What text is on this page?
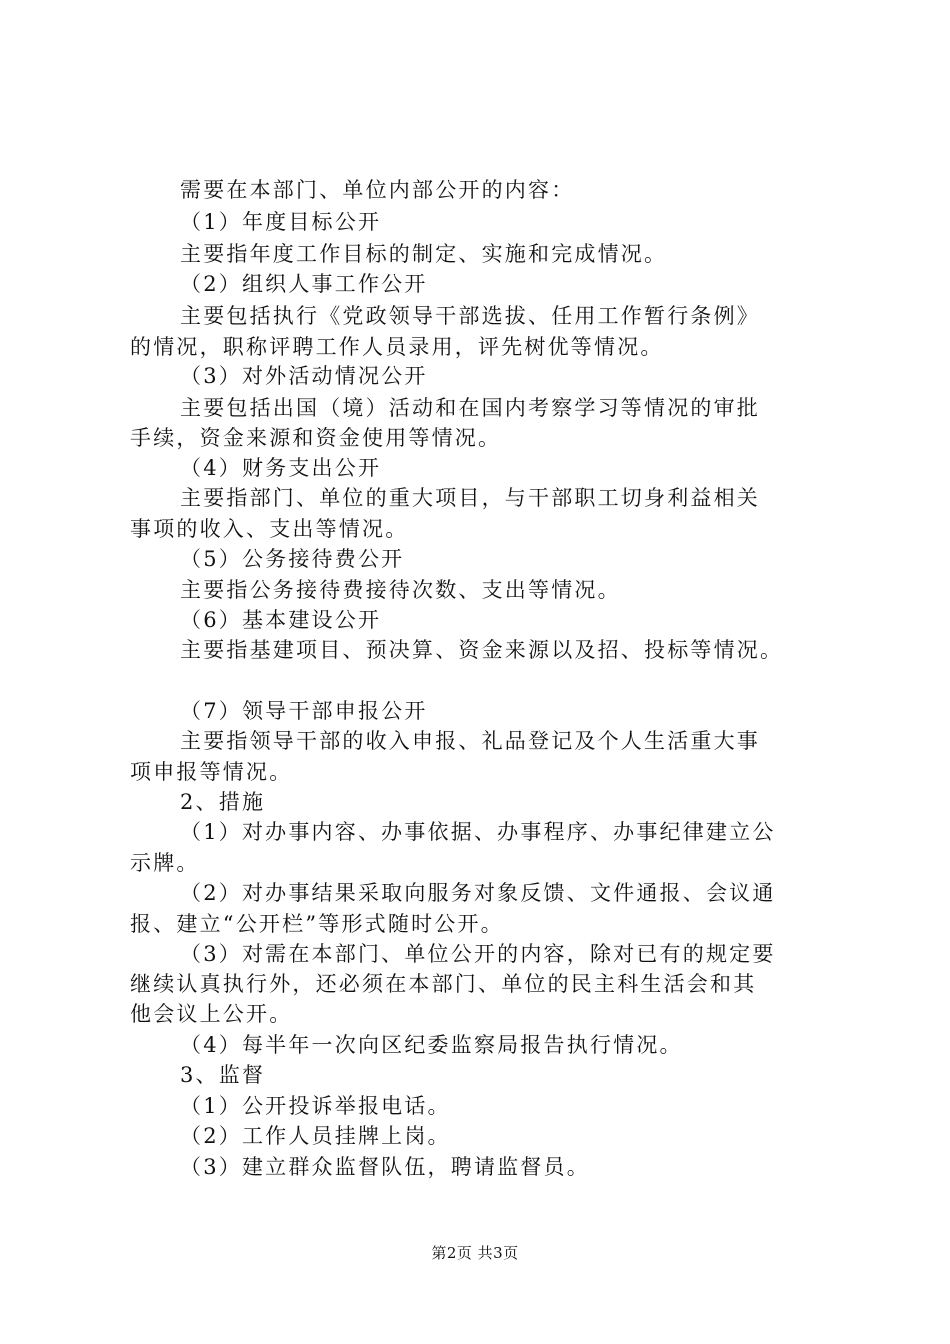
需要在本部门、单位内部公开的内容：
（1）年度目标公开
主要指年度工作目标的制定、实施和完成情况。
（2）组织人事工作公开
主要包括执行《党政领导干部选拔、任用工作暂行条例》
的情况，职称评聘工作人员录用，评先树优等情况。
（3）对外活动情况公开
主要包括出国（境）活动和在国内考察学习等情况的审批
手续，资金来源和资金使用等情况。
（4）财务支出公开
主要指部门、单位的重大项目，与干部职工切身利益相关
事项的收入、支出等情况。
（5）公务接待费公开
主要指公务接待费接待次数、支出等情况。
（6）基本建设公开
主要指基建项目、预决算、资金来源以及招、投标等情况。
（7）领导干部申报公开
主要指领导干部的收入申报、礼品登记及个人生活重大事
项申报等情况。
2、措施
（1）对办事内容、办事依据、办事程序、办事纪律建立公
示牌。
（2）对办事结果采取向服务对象反馈、文件通报、会议通
报、建立“公开栏”等形式随时公开。
（3）对需在本部门、单位公开的内容，除对已有的规定要
继续认真执行外，还必须在本部门、单位的民主科生活会和其
他会议上公开。
（4）每半年一次向区纪委监察局报告执行情况。
3、监督
（1）公开投诉举报电话。
（2）工作人员挂牌上岗。
（3）建立群众监督队伍，聘请监督员。
第2页 共3页
